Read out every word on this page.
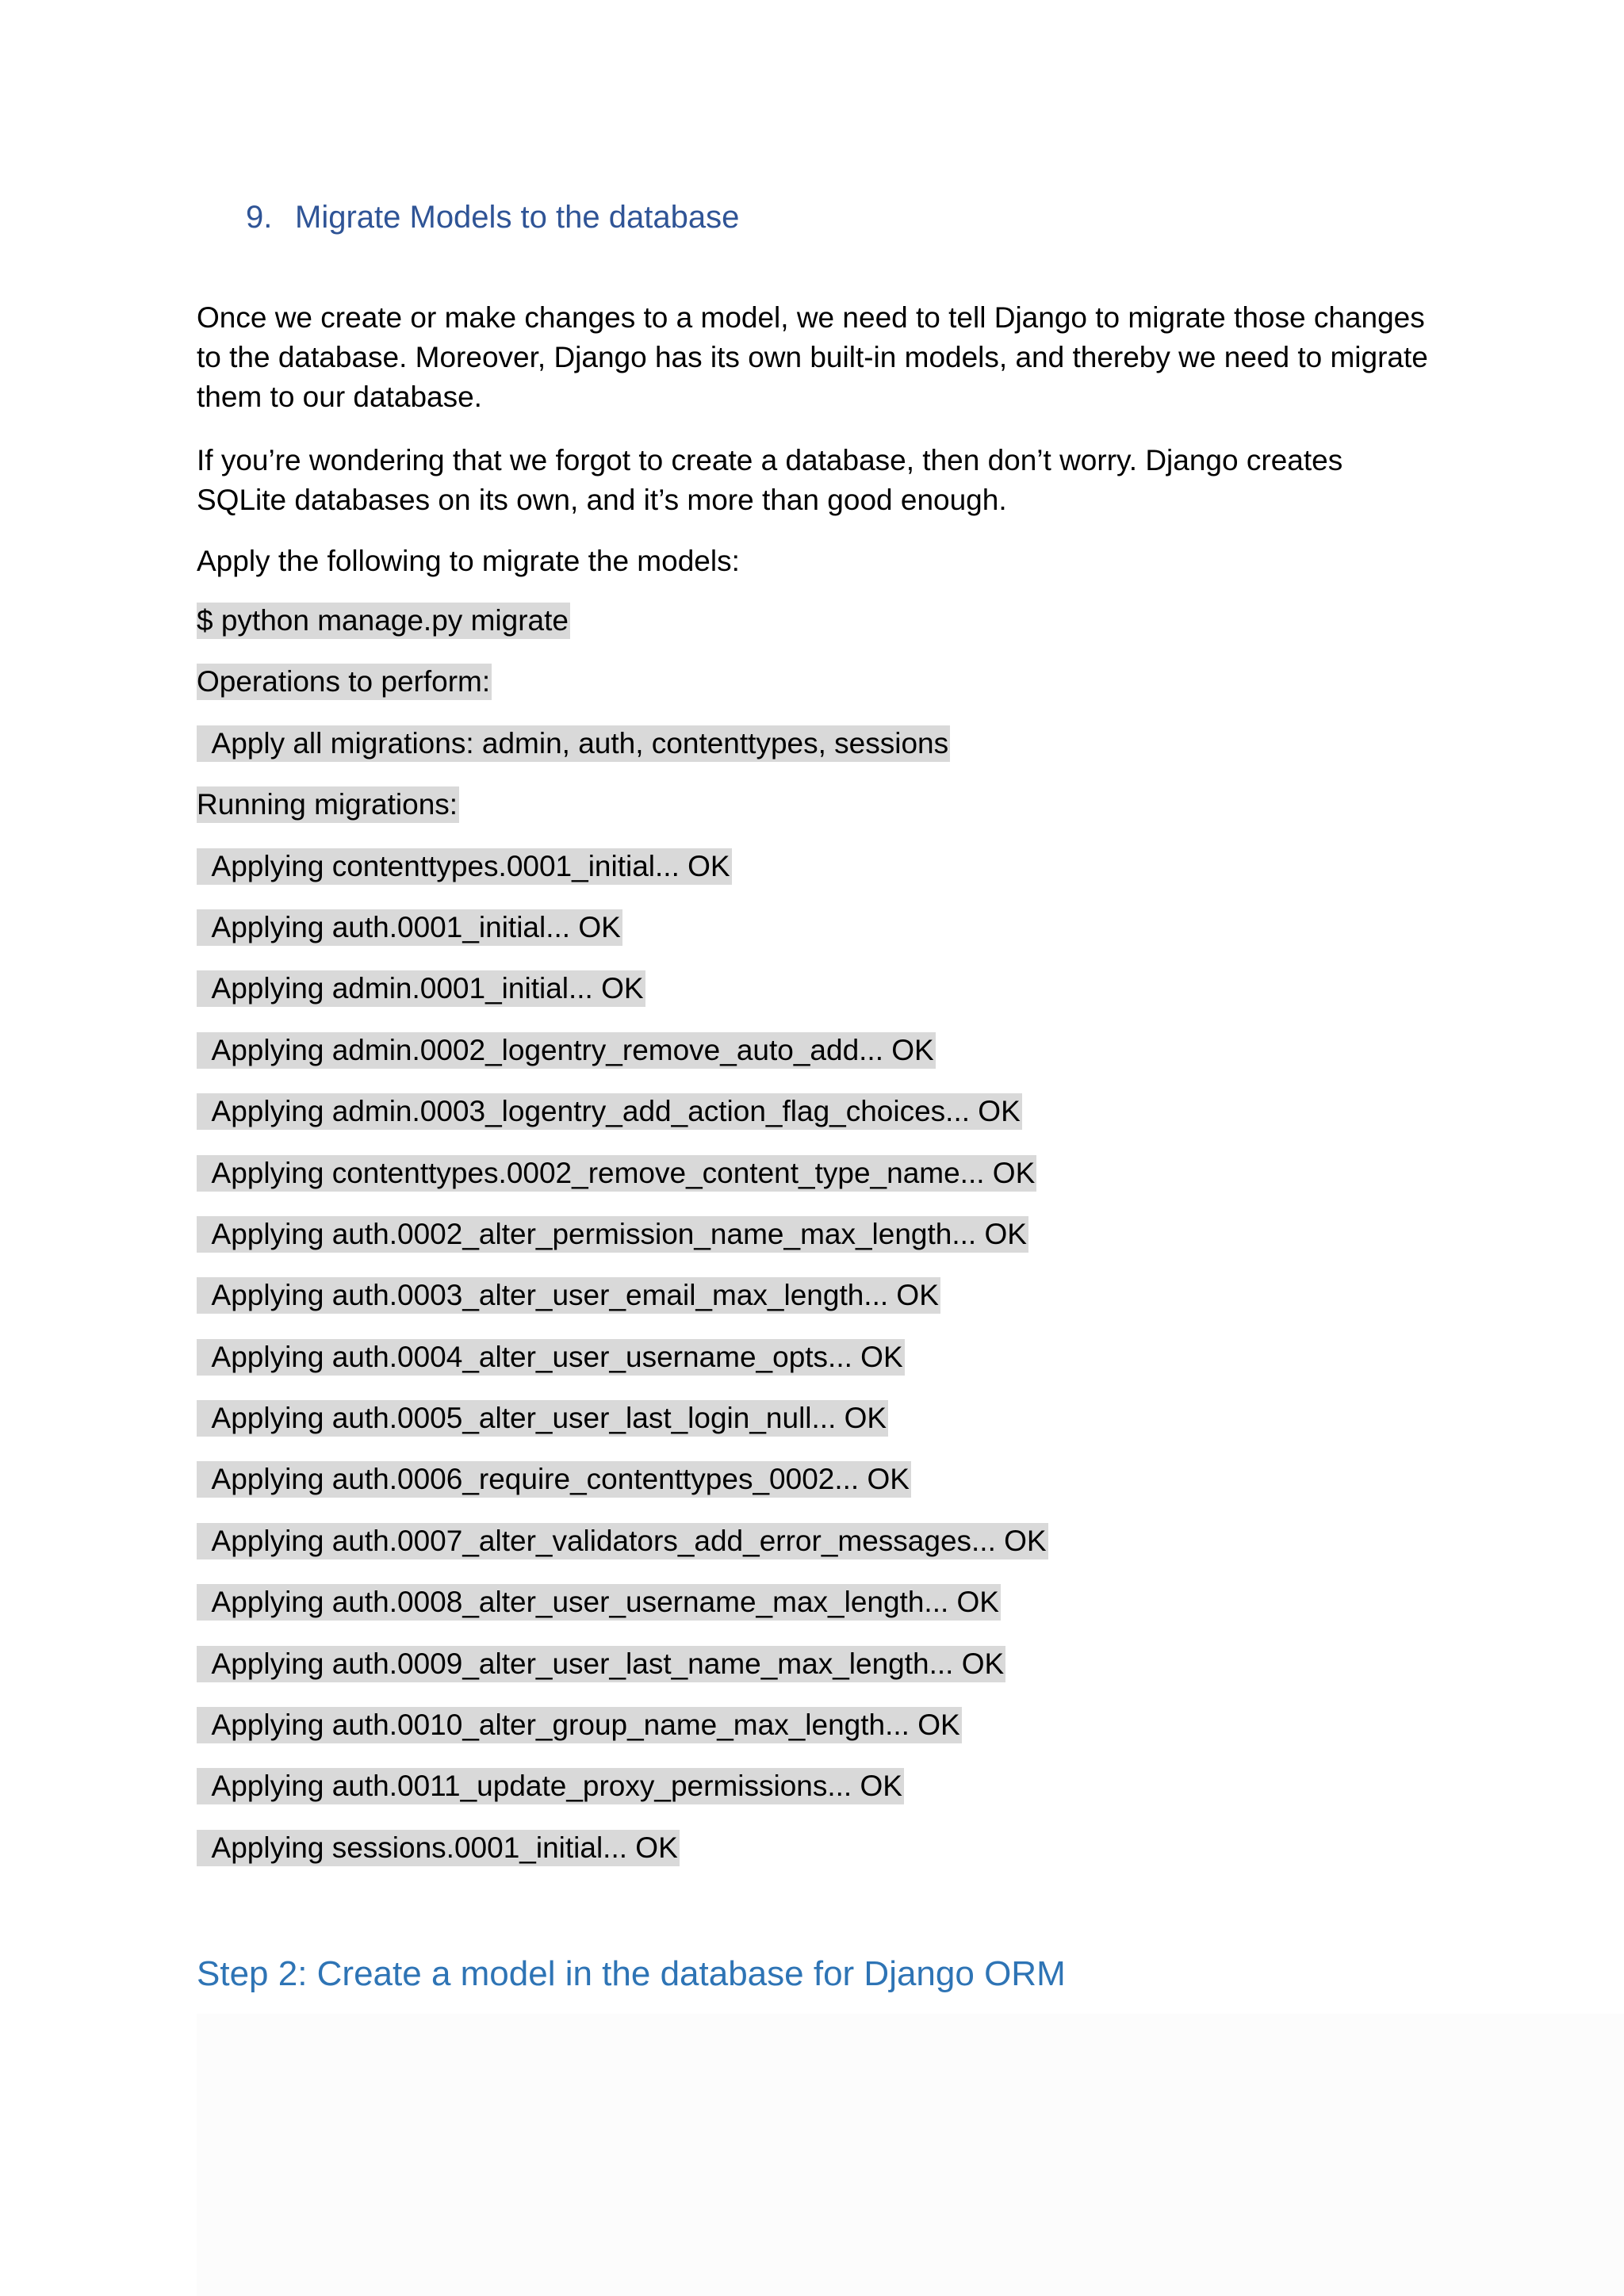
9. Migrate Models to the database

Once we create or make changes to a model, we need to tell Django to migrate those changes to the database. Moreover, Django has its own built-in models, and thereby we need to migrate them to our database.

If you’re wondering that we forgot to create a database, then don’t worry. Django creates SQLite databases on its own, and it’s more than good enough.

Apply the following to migrate the models:

$ python manage.py migrate
Operations to perform:
Apply all migrations: admin, auth, contenttypes, sessions
Running migrations:
Applying contenttypes.0001_initial... OK
Applying auth.0001_initial... OK
Applying admin.0001_initial... OK
Applying admin.0002_logentry_remove_auto_add... OK
Applying admin.0003_logentry_add_action_flag_choices... OK
Applying contenttypes.0002_remove_content_type_name... OK
Applying auth.0002_alter_permission_name_max_length... OK
Applying auth.0003_alter_user_email_max_length... OK
Applying auth.0004_alter_user_username_opts... OK
Applying auth.0005_alter_user_last_login_null... OK
Applying auth.0006_require_contenttypes_0002... OK
Applying auth.0007_alter_validators_add_error_messages... OK
Applying auth.0008_alter_user_username_max_length... OK
Applying auth.0009_alter_user_last_name_max_length... OK
Applying auth.0010_alter_group_name_max_length... OK
Applying auth.0011_update_proxy_permissions... OK
Applying sessions.0001_initial... OK
Step 2: Create a model in the database for Django ORM
